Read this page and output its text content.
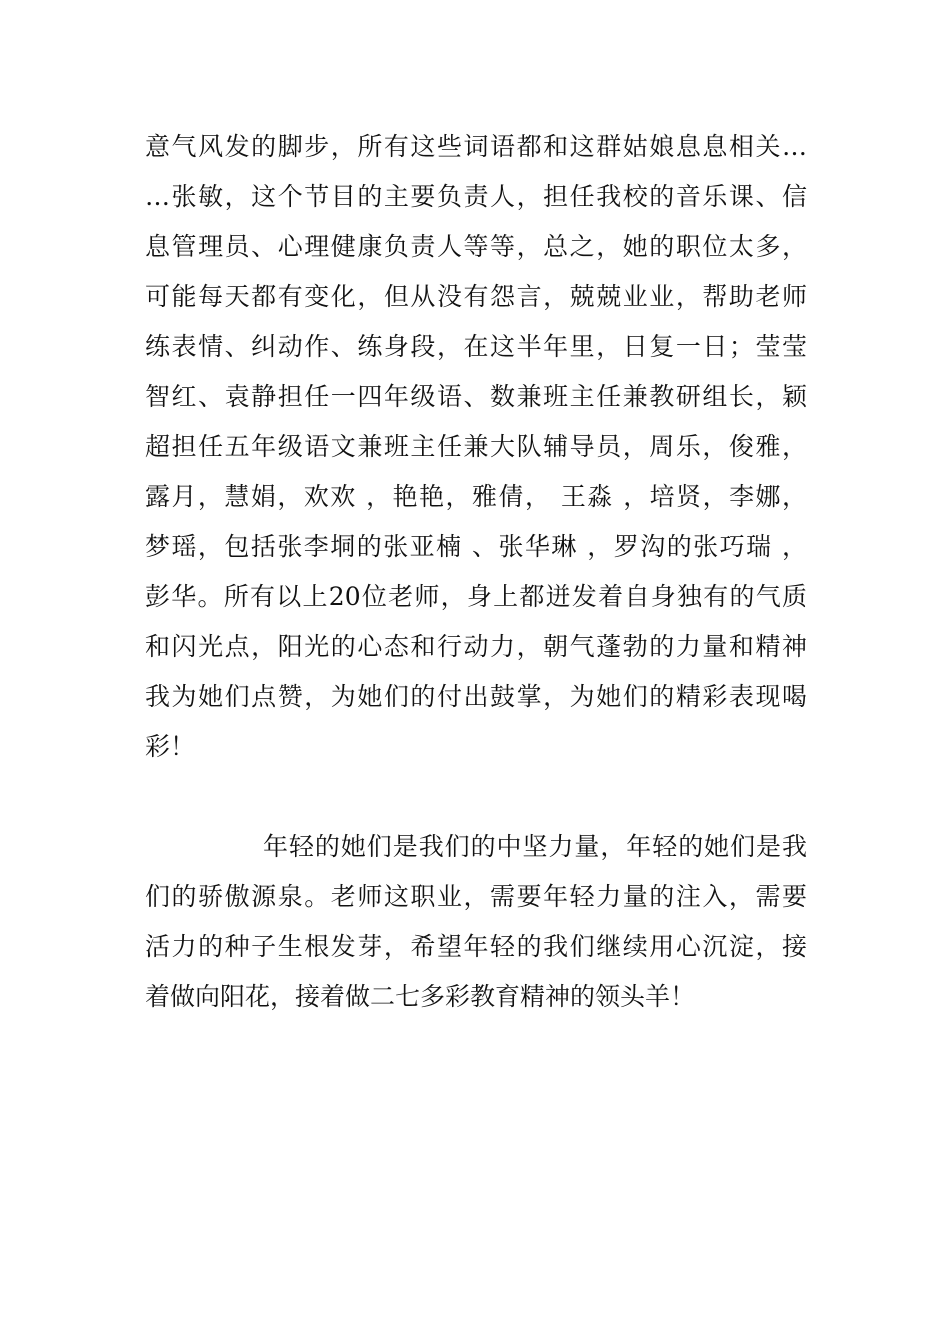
意气风发的脚步，所有这些词语都和这群姑娘息息相关…
…张敏，这个节目的主要负责人，担任我校的音乐课、信
息管理员、心理健康负责人等等，总之，她的职位太多，
可能每天都有变化，但从没有怨言，兢兢业业，帮助老师
练表情、纠动作、练身段，在这半年里，日复一日；莹莹
智红、袁静担任一四年级语、数兼班主任兼教研组长，颖
超担任五年级语文兼班主任兼大队辅导员，周乐，俊雅，
露月，慧娟，欢欢 ，艳艳，雅倩， 王淼 ，培贤，李娜，
梦瑶，包括张李垌的张亚楠 、张华琳 ，罗沟的张巧瑞 ，
彭华。所有以上20位老师，身上都迸发着自身独有的气质
和闪光点，阳光的心态和行动力，朝气蓬勃的力量和精神
我为她们点赞，为她们的付出鼓掌，为她们的精彩表现喝
彩！
年轻的她们是我们的中坚力量，年轻的她们是我
们的骄傲源泉。老师这职业，需要年轻力量的注入，需要
活力的种子生根发芽，希望年轻的我们继续用心沉淀，接
着做向阳花，接着做二七多彩教育精神的领头羊！
